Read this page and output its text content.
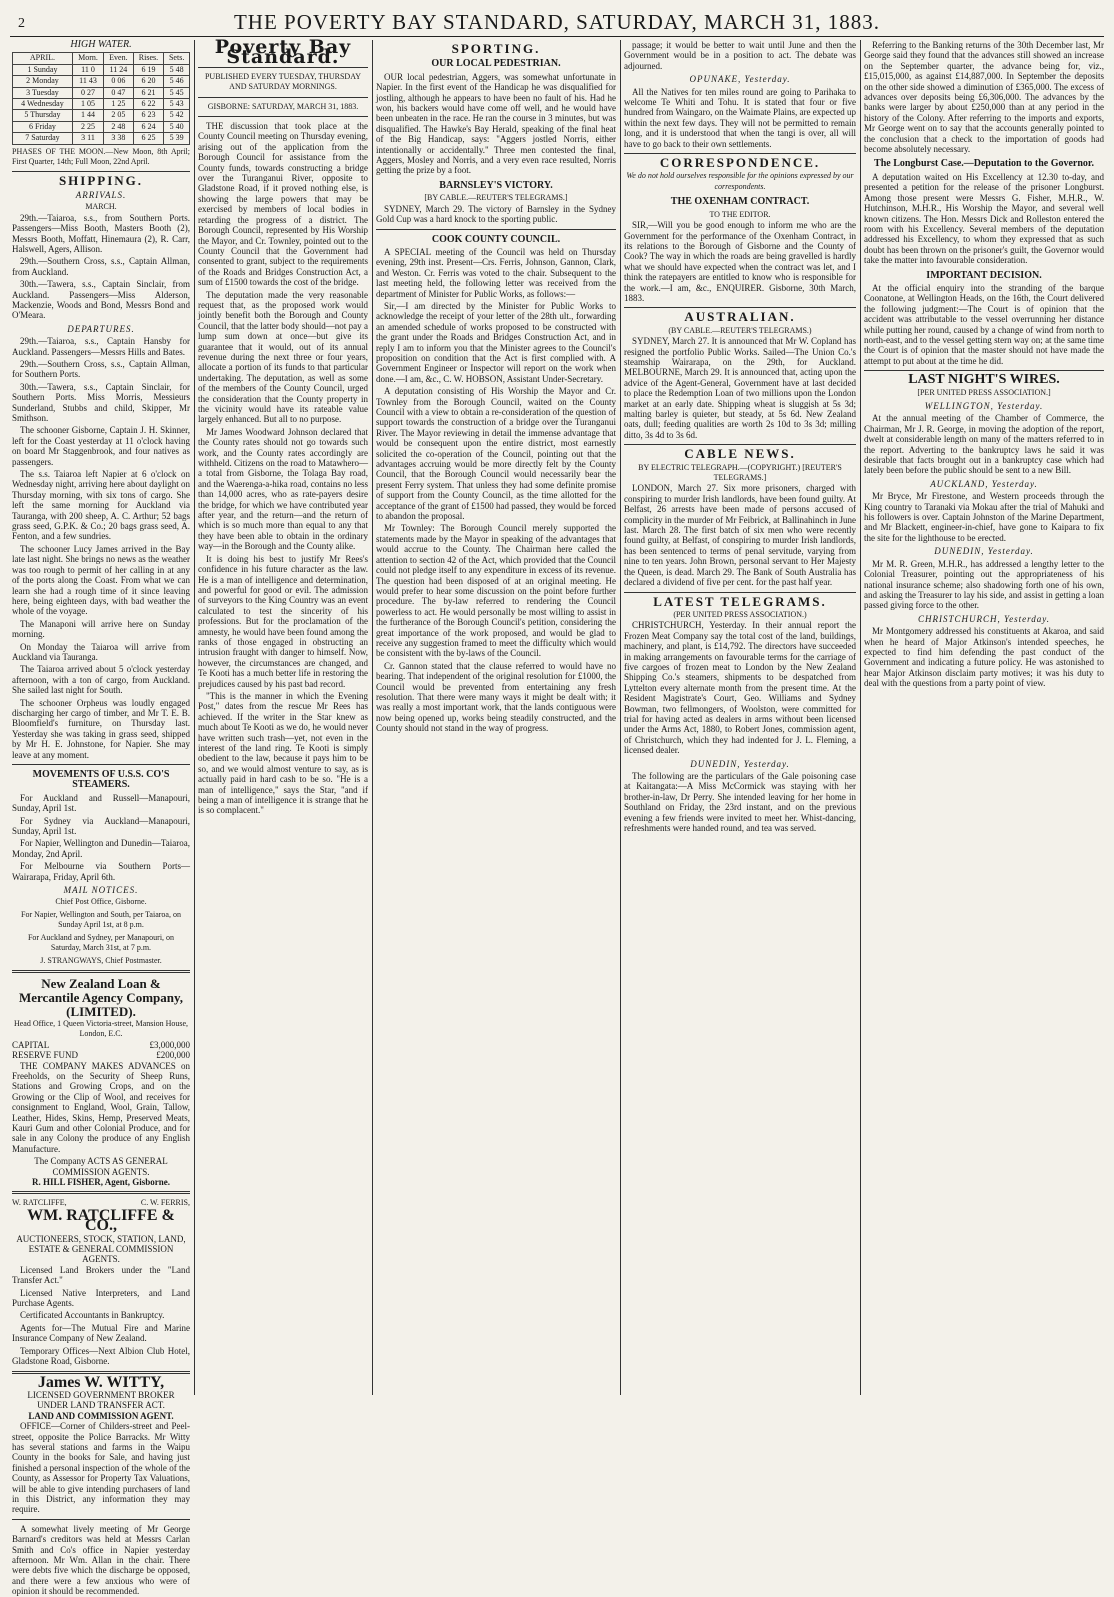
2	THE POVERTY BAY STANDARD, SATURDAY, MARCH 31, 1883.
HIGH WATER.
APRIL.	Morn.	Even.	Rises.	Sets.
1 Sunday	11 0	11 24	6 19	5 48
2 Monday	11 43	0 06	6 20	5 46
3 Tuesday	0 27	0 47	6 21	5 45
4 Wednesday	1 05	1 25	6 22	5 43
5 Thursday	1 44	2 05	6 23	5 42
6 Friday	2 25	2 48	6 24	5 40
7 Saturday	3 11	3 38	6 25	5 39
PHASES OF THE MOON.—New Moon, 8th April; First Quarter, 14th; Full Moon, 22nd April.
SHIPPING.
ARRIVALS.
MARCH.

29th.—Taiaroa, s.s., from Southern Ports. Passengers—Miss Booth, Masters Booth (2), Messrs Booth, Moffatt, Hinemaura (2), R. Carr, Halswell, Agers, Allison.

29th.—Southern Cross, s.s., Captain Allman, from Auckland.

30th.—Tawera, s.s., Captain Sinclair, from Auckland. Passengers—Miss Alderson, Mackenzie, Woods and Bond, Messrs Bond and O'Meara.

DEPARTURES.

29th.—Taiaroa, s.s., Captain Hansby for Auckland. Passengers—Messrs Hills and Bates.

29th.—Southern Cross, s.s., Captain Allman, for Southern Ports.

30th.—Tawera, s.s., Captain Sinclair, for Southern Ports. Miss Morris, Messieurs Sunderland, Stubbs and child, Skipper, Mr Smithson.

The schooner Gisborne, Captain J. H. Skinner, left for the Coast yesterday at 11 o'clock having on board Mr Staggenbrook, and four natives as passengers.

The s.s. Taiaroa left Napier at 6 o'clock on Wednesday night, arriving here about daylight on Thursday morning, with six tons of cargo. She left the same morning for Auckland via Tauranga, with 200 sheep, A. C. Arthur; 52 bags grass seed, G.P.K. & Co.; 20 bags grass seed, A. Fenton, and a few sundries.

The schooner Lucy James arrived in the Bay late last night. She brings no news as the weather was too rough to permit of her calling in at any of the ports along the Coast. From what we can learn she had a rough time of it since leaving here, being eighteen days, with bad weather the whole of the voyage.

The Manaponi will arrive here on Sunday morning.

On Monday the Taiaroa will arrive from Auckland via Tauranga.

The Taiaroa arrived about 5 o'clock yesterday afternoon, with a ton of cargo, from Auckland. She sailed last night for South.

The schooner Orpheus was loudly engaged discharging her cargo of timber, and Mr T. E. B. Bloomfield's furniture, on Thursday last. Yesterday she was taking in grass seed, shipped by Mr H. E. Johnstone, for Napier. She may leave at any moment.

MOVEMENTS OF U.S.S. CO'S STEAMERS.

For Auckland and Russell—Manapouri, Sunday, April 1st.

For Sydney via Auckland—Manapouri, Sunday, April 1st.

For Napier, Wellington and Dunedin—Taiaroa, Monday, 2nd April.

For Melbourne via Southern Ports—Wairarapa, Friday, April 6th.

MAIL NOTICES.

Chief Post Office, Gisborne.

For Napier, Wellington and South, per Taiaroa, on Sunday April 1st, at 8 p.m.

For Auckland and Sydney, per Manapouri, on Saturday, March 31st, at 7 p.m.

J. STRANGWAYS, Chief Postmaster.

New Zealand Loan & Mercantile Agency Company, (LIMITED).
Head Office, 1 Queen Victoria-street, Mansion House, London, E.C.
CAPITAL	£3,000,000
RESERVE FUND	£200,000

THE COMPANY MAKES ADVANCES on Freeholds, on the Security of Sheep Runs, Stations and Growing Crops, and on the Growing or the Clip of Wool, and receives for consignment to England, Wool, Grain, Tallow, Leather, Hides, Skins, Hemp, Preserved Meats, Kauri Gum and other Colonial Produce, and for sale in any Colony the produce of any English Manufacture.

The Company ACTS AS GENERAL COMMISSION AGENTS.
R. HILL FISHER, Agent, Gisborne.
W. RATCLIFFE,	C. W. FERRIS,
WM. RATCLIFFE & CO.,
AUCTIONEERS, STOCK, STATION, LAND, ESTATE & GENERAL COMMISSION AGENTS.

Licensed Land Brokers under the "Land Transfer Act."

Licensed Native Interpreters, and Land Purchase Agents.

Certificated Accountants in Bankruptcy.

Agents for—The Mutual Fire and Marine Insurance Company of New Zealand.

Temporary Offices—Next Albion Club Hotel, Gladstone Road, Gisborne.

James W. WITTY,
LICENSED GOVERNMENT BROKER UNDER LAND TRANSFER ACT.
LAND AND COMMISSION AGENT.

OFFICE—Corner of Childers-street and Peel-street, opposite the Police Barracks. Mr Witty has several stations and farms in the Waipu County in the books for Sale, and having just finished a personal inspection of the whole of the County, as Assessor for Property Tax Valuations, will be able to give intending purchasers of land in this District, any information they may require.

A somewhat lively meeting of Mr George Barnard's creditors was held at Messrs Carlan Smith and Co's office in Napier yesterday afternoon. Mr Wm. Allan in the chair. There were debts five which the discharge be opposed, and there were a few anxious who were of opinion it should be recommended.

Poverty Bay Standard.
PUBLISHED EVERY TUESDAY, THURSDAY AND SATURDAY MORNINGS.
GISBORNE: SATURDAY, MARCH 31, 1883.

THE discussion that took place at the County Council meeting on Thursday evening, arising out of the application from the Borough Council for assistance from the County funds, towards constructing a bridge over the Turanganui River, opposite to Gladstone Road, if it proved nothing else, is showing the large powers that may be exercised by members of local bodies in retarding the progress of a district. The Borough Council, represented by His Worship the Mayor, and Cr. Townley, pointed out to the County Council that the Government had consented to grant, subject to the requirements of the Roads and Bridges Construction Act, a sum of £1500 towards the cost of the bridge.

The deputation made the very reasonable request that, as the proposed work would jointly benefit both the Borough and County Council, that the latter body should—not pay a lump sum down at once—but give its guarantee that it would, out of its annual revenue during the next three or four years, allocate a portion of its funds to that particular undertaking. The deputation, as well as some of the members of the County Council, urged the consideration that the County property in the vicinity would have its rateable value largely enhanced. But all to no purpose.

Mr James Woodward Johnson declared that the County rates should not go towards such work, and the County rates accordingly are withheld. Citizens on the road to Matawhero—a total from Gisborne, the Tolaga Bay road, and the Waerenga-a-hika road, contains no less than 14,000 acres, who as rate-payers desire the bridge, for which we have contributed year after year, and the return—and the return of which is so much more than equal to any that they have been able to obtain in the ordinary way—in the Borough and the County alike.

It is doing his best to justify Mr Rees's confidence in his future character as the law. He is a man of intelligence and determination, and powerful for good or evil. The admission of surveyors to the King Country was an event calculated to test the sincerity of his professions. But for the proclamation of the amnesty, he would have been found among the ranks of those engaged in obstructing an intrusion fraught with danger to himself. Now, however, the circumstances are changed, and Te Kooti has a much better life in restoring the prejudices caused by his past bad record.

"This is the manner in which the Evening Post," dates from the rescue Mr Rees has achieved. If the writer in the Star knew as much about Te Kooti as we do, he would never have written such trash—yet, not even in the interest of the land ring. Te Kooti is simply obedient to the law, because it pays him to be so, and we would almost venture to say, as is actually paid in hard cash to be so. "He is a man of intelligence," says the Star, "and if being a man of intelligence it is strange that he is so complacent."

SPORTING.
OUR LOCAL PEDESTRIAN.

OUR local pedestrian, Aggers, was somewhat unfortunate in Napier. In the first event of the Handicap he was disqualified for jostling, although he appears to have been no fault of his. Had he won, his backers would have come off well, and he would have been unbeaten in the race. He ran the course in 3 minutes, but was disqualified. The Hawke's Bay Herald, speaking of the final heat of the Big Handicap, says: "Aggers jostled Norris, either intentionally or accidentally." Three men contested the final, Aggers, Mosley and Norris, and a very even race resulted, Norris getting the prize by a foot.

BARNSLEY'S VICTORY.
[BY CABLE.—REUTER'S TELEGRAMS.]

SYDNEY, March 29. The victory of Barnsley in the Sydney Gold Cup was a hard knock to the sporting public.

COOK COUNTY COUNCIL.

A SPECIAL meeting of the Council was held on Thursday evening, 29th inst. Present—Crs. Ferris, Johnson, Gannon, Clark, and Weston. Cr. Ferris was voted to the chair. Subsequent to the last meeting held, the following letter was received from the department of Minister for Public Works, as follows:—

Sir,—I am directed by the Minister for Public Works to acknowledge the receipt of your letter of the 28th ult., forwarding an amended schedule of works proposed to be constructed with the grant under the Roads and Bridges Construction Act, and in reply I am to inform you that the Minister agrees to the Council's proposition on condition that the Act is first complied with. A Government Engineer or Inspector will report on the work when done.—I am, &c., C. W. HOBSON, Assistant Under-Secretary.

A deputation consisting of His Worship the Mayor and Cr. Townley from the Borough Council, waited on the County Council with a view to obtain a re-consideration of the question of support towards the construction of a bridge over the Turanganui River. The Mayor reviewing in detail the immense advantage that would be consequent upon the entire district, most earnestly solicited the co-operation of the Council, pointing out that the advantages accruing would be more directly felt by the County Council, that the Borough Council would necessarily bear the present Ferry system. That unless they had some definite promise of support from the County Council, as the time allotted for the acceptance of the grant of £1500 had passed, they would be forced to abandon the proposal.

Mr Townley: The Borough Council merely supported the statements made by the Mayor in speaking of the advantages that would accrue to the County. The Chairman here called the attention to section 42 of the Act, which provided that the Council could not pledge itself to any expenditure in excess of its revenue. The question had been disposed of at an original meeting. He would prefer to hear some discussion on the point before further procedure. The by-law referred to rendering the Council powerless to act. He would personally be most willing to assist in the furtherance of the Borough Council's petition, considering the great importance of the work proposed, and would be glad to receive any suggestion framed to meet the difficulty which would be consistent with the by-laws of the Council.

Cr. Gannon stated that the clause referred to would have no bearing. That independent of the original resolution for £1000, the Council would be prevented from entertaining any fresh resolution. That there were many ways it might be dealt with; it was really a most important work, that the lands contiguous were now being opened up, works being steadily constructed, and the County should not stand in the way of progress.

passage; it would be better to wait until June and then the Government would be in a position to act. The debate was adjourned.

OPUNAKE, Yesterday.

All the Natives for ten miles round are going to Parihaka to welcome Te Whiti and Tohu. It is stated that four or five hundred from Waingaro, on the Waimate Plains, are expected up within the next few days. They will not be permitted to remain long, and it is understood that when the tangi is over, all will have to go back to their own settlements.

CORRESPONDENCE.
We do not hold ourselves responsible for the opinions expressed by our correspondents.
THE OXENHAM CONTRACT.
TO THE EDITOR.

SIR,—Will you be good enough to inform me who are the Government for the performance of the Oxenham Contract, in its relations to the Borough of Gisborne and the County of Cook? The way in which the roads are being gravelled is hardly what we should have expected when the contract was let, and I think the ratepayers are entitled to know who is responsible for the work.—I am, &c., ENQUIRER. Gisborne, 30th March, 1883.

AUSTRALIAN.
(BY CABLE.—REUTER'S TELEGRAMS.)

SYDNEY, March 27. It is announced that Mr W. Copland has resigned the portfolio Public Works. Sailed—The Union Co.'s steamship Wairarapa, on the 29th, for Auckland. MELBOURNE, March 29. It is announced that, acting upon the advice of the Agent-General, Government have at last decided to place the Redemption Loan of two millions upon the London market at an early date. Shipping wheat is sluggish at 5s 3d; malting barley is quieter, but steady, at 5s 6d. New Zealand oats, dull; feeding qualities are worth 2s 10d to 3s 3d; milling ditto, 3s 4d to 3s 6d.

CABLE NEWS.
BY ELECTRIC TELEGRAPH.—(COPYRIGHT.) [REUTER'S TELEGRAMS.]

LONDON, March 27. Six more prisoners, charged with conspiring to murder Irish landlords, have been found guilty. At Belfast, 26 arrests have been made of persons accused of complicity in the murder of Mr Feibrick, at Ballinahinch in June last. March 28. The first batch of six men who were recently found guilty, at Belfast, of conspiring to murder Irish landlords, has been sentenced to terms of penal servitude, varying from nine to ten years. John Brown, personal servant to Her Majesty the Queen, is dead. March 29. The Bank of South Australia has declared a dividend of five per cent. for the past half year.

LATEST TELEGRAMS.
(PER UNITED PRESS ASSOCIATION.)

CHRISTCHURCH, Yesterday. In their annual report the Frozen Meat Company say the total cost of the land, buildings, machinery, and plant, is £14,792. The directors have succeeded in making arrangements on favourable terms for the carriage of five cargoes of frozen meat to London by the New Zealand Shipping Co.'s steamers, shipments to be despatched from Lyttelton every alternate month from the present time. At the Resident Magistrate's Court, Geo. Williams and Sydney Bowman, two fellmongers, of Woolston, were committed for trial for having acted as dealers in arms without been licensed under the Arms Act, 1880, to Robert Jones, commission agent, of Christchurch, which they had indented for J. L. Fleming, a licensed dealer.

DUNEDIN, Yesterday.

The following are the particulars of the Gale poisoning case at Kaitangata:—A Miss McCormick was staying with her brother-in-law, Dr Perry. She intended leaving for her home in Southland on Friday, the 23rd instant, and on the previous evening a few friends were invited to meet her. Whist-dancing, refreshments were handed round, and tea was served.

Referring to the Banking returns of the 30th December last, Mr George said they found that the advances still showed an increase on the September quarter, the advance being for, viz., £15,015,000, as against £14,887,000. In September the deposits on the other side showed a diminution of £365,000. The excess of advances over deposits being £6,306,000. The advances by the banks were larger by about £250,000 than at any period in the history of the Colony. After referring to the imports and exports, Mr George went on to say that the accounts generally pointed to the conclusion that a check to the importation of goods had become absolutely necessary.

The Longburst Case.—Deputation to the Governor.

A deputation waited on His Excellency at 12.30 to-day, and presented a petition for the release of the prisoner Longburst. Among those present were Messrs G. Fisher, M.H.R., W. Hutchinson, M.H.R., His Worship the Mayor, and several well known citizens. The Hon. Messrs Dick and Rolleston entered the room with his Excellency. Several members of the deputation addressed his Excellency, to whom they expressed that as such doubt has been thrown on the prisoner's guilt, the Governor would take the matter into favourable consideration.

IMPORTANT DECISION.

At the official enquiry into the stranding of the barque Coonatone, at Wellington Heads, on the 16th, the Court delivered the following judgment:—The Court is of opinion that the accident was attributable to the vessel overrunning her distance while putting her round, caused by a change of wind from north to north-east, and to the vessel getting stern way on; at the same time the Court is of opinion that the master should not have made the attempt to put about at the time he did.

LAST NIGHT'S WIRES.
[PER UNITED PRESS ASSOCIATION.]
WELLINGTON, Yesterday.

At the annual meeting of the Chamber of Commerce, the Chairman, Mr J. R. George, in moving the adoption of the report, dwelt at considerable length on many of the matters referred to in the report. Adverting to the bankruptcy laws he said it was desirable that facts brought out in a bankruptcy case which had lately been before the public should be sent to a new Bill.

AUCKLAND, Yesterday.

Mr Bryce, Mr Firestone, and Western proceeds through the King country to Taranaki via Mokau after the trial of Mahuki and his followers is over. Captain Johnston of the Marine Department, and Mr Blackett, engineer-in-chief, have gone to Kaipara to fix the site for the lighthouse to be erected.

DUNEDIN, Yesterday.

Mr M. R. Green, M.H.R., has addressed a lengthy letter to the Colonial Treasurer, pointing out the appropriateness of his national insurance scheme; also shadowing forth one of his own, and asking the Treasurer to lay his side, and assist in getting a loan passed giving force to the other.

CHRISTCHURCH, Yesterday.

Mr Montgomery addressed his constituents at Akaroa, and said when he heard of Major Atkinson's intended speeches, he expected to find him defending the past conduct of the Government and indicating a future policy. He was astonished to hear Major Atkinson disclaim party motives; it was his duty to deal with the questions from a party point of view.
